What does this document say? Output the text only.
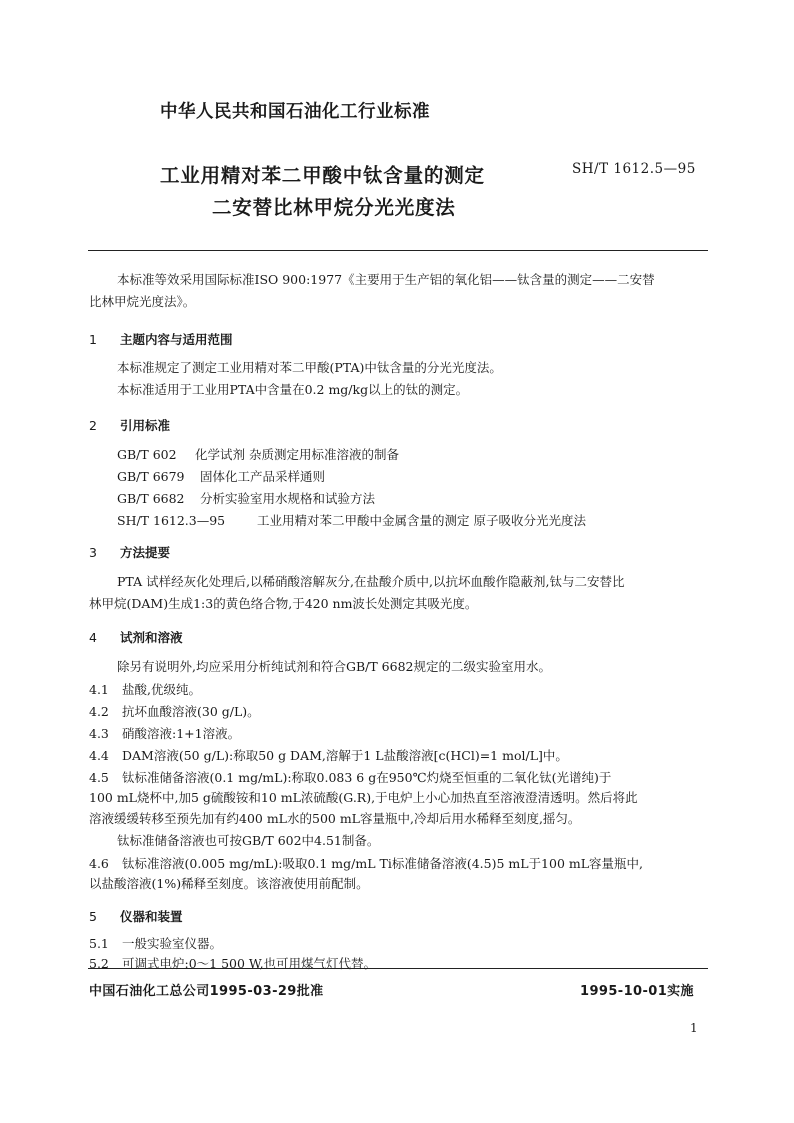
中华人民共和国石油化工行业标准
工业用精对苯二甲酸中钛含量的测定
二安替比林甲烷分光光度法
SH/T 1612.5—95
本标准等效采用国际标准ISO 900:1977《主要用于生产铝的氧化铝——钛含量的测定——二安替
比林甲烷光度法》。
1 主题内容与适用范围
本标准规定了测定工业用精对苯二甲酸(PTA)中钛含量的分光光度法。
本标准适用于工业用PTA中含量在0.2 mg/kg以上的钛的测定。
2 引用标准
GB/T 602 化学试剂 杂质测定用标准溶液的制备
GB/T 6679 固体化工产品采样通则
GB/T 6682 分析实验室用水规格和试验方法
SH/T 1612.3—95	工业用精对苯二甲酸中金属含量的测定 原子吸收分光光度法
3 方法提要
PTA 试样经灰化处理后,以稀硝酸溶解灰分,在盐酸介质中,以抗坏血酸作隐蔽剂,钛与二安替比
林甲烷(DAM)生成1:3的黄色络合物,于420 nm波长处测定其吸光度。
4 试剂和溶液
除另有说明外,均应采用分析纯试剂和符合GB/T 6682规定的二级实验室用水。
4.1 盐酸,优级纯。
4.2 抗坏血酸溶液(30 g/L)。
4.3 硝酸溶液:1+1溶液。
4.4 DAM溶液(50 g/L):称取50 g DAM,溶解于1 L盐酸溶液[c(HCl)=1 mol/L]中。
4.5 钛标准储备溶液(0.1 mg/mL):称取0.083 6 g在950℃灼烧至恒重的二氧化钛(光谱纯)于
100 mL烧杯中,加5 g硫酸铵和10 mL浓硫酸(G.R),于电炉上小心加热直至溶液澄清透明。然后将此
溶液缓缓转移至预先加有约400 mL水的500 mL容量瓶中,冷却后用水稀释至刻度,摇匀。
钛标准储备溶液也可按GB/T 602中4.51制备。
4.6 钛标准溶液(0.005 mg/mL):吸取0.1 mg/mL Ti标准储备溶液(4.5)5 mL于100 mL容量瓶中,
以盐酸溶液(1%)稀释至刻度。该溶液使用前配制。
5 仪器和装置
5.1 一般实验室仪器。
5.2 可调式电炉:0～1 500 W,也可用煤气灯代替。
中国石油化工总公司1995-03-29批准	1995-10-01实施
1
